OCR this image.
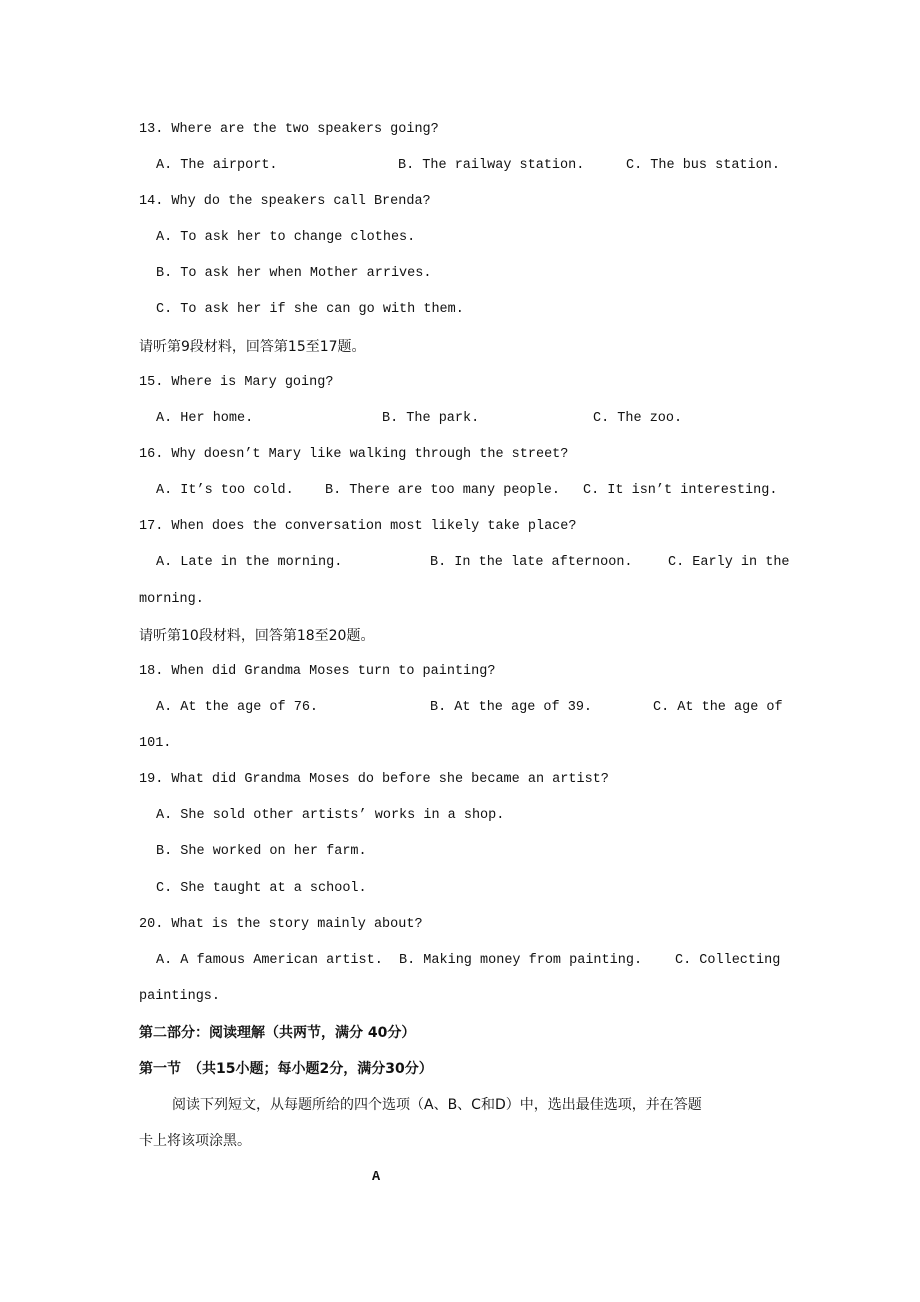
13. Where are the two speakers going?
A. The airport.	B. The railway station.	C. The bus station.
14. Why do the speakers call Brenda?
A. To ask her to change clothes.
B. To ask her when Mother arrives.
C. To ask her if she can go with them.
请听第9段材料，回答第15至17题。
15. Where is Mary going?
A. Her home.	B. The park.	C. The zoo.
16. Why doesn’t Mary like walking through the street?
A. It’s too cold. B. There are too many people. C. It isn’t interesting.
17. When does the conversation most likely take place?
A. Late in the morning.	B. In the late afternoon.	C. Early in the
morning.
请听第10段材料，回答第18至20题。
18. When did Grandma Moses turn to painting?
A. At the age of 76.	B. At the age of 39.	C. At the age of
101.
19. What did Grandma Moses do before she became an artist?
A. She sold other artists’ works in a shop.
B. She worked on her farm.
C. She taught at a school.
20. What is the story mainly about?
A. A famous American artist. B. Making money from painting. C. Collecting
paintings.
第二部分：阅读理解（共两节，满分 40分）
第一节　（共15小题；每小题2分，满分30分）
阅读下列短文，从每题所给的四个选项（A、B、C和D）中，选出最佳选项，并在答题
卡上将该项涂黑。
A
